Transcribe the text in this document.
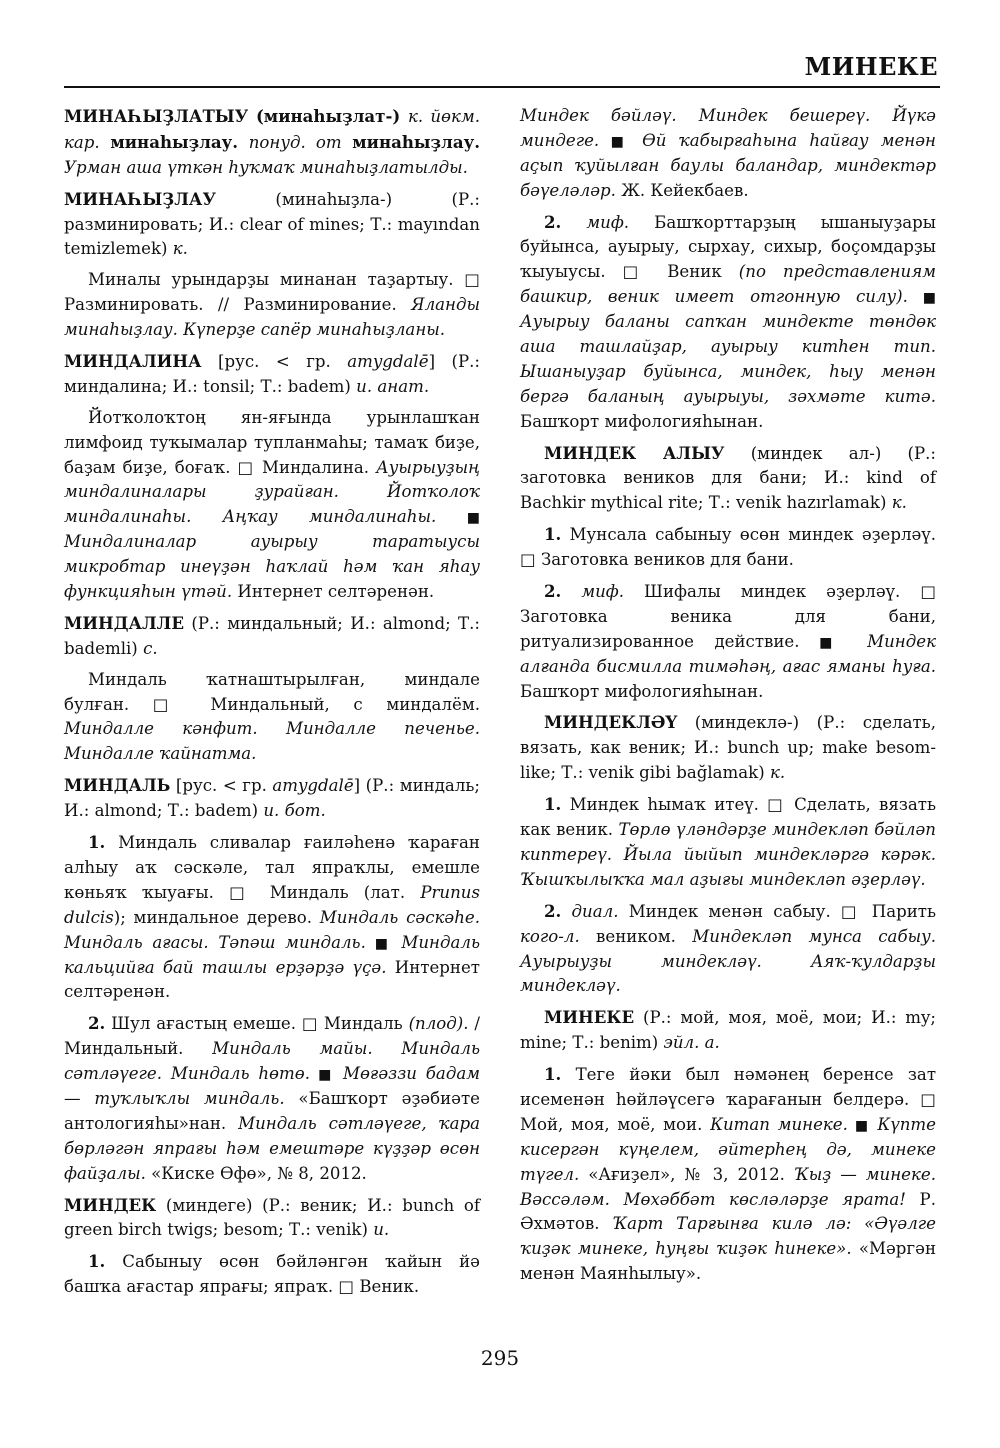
МИНЕКЕ

МИНАҺЫҘЛАТЫУ (минаһыҙлат-) к. йөкм. кар. минаһыҙлау. понуд. от минаһыҙлау. Урман аша үткән һуҡмаҡ минаһыҙлатылды.

МИНАҺЫҘЛАУ (минаһыҙла-) (Р.: разминировать; И.: clear of mines; Т.: mayından temizlemek) к.

Миналы урындарҙы минанан таҙартыу. □ Разминировать. // Разминирование. Яланды минаһыҙлау. Күперҙе сапёр минаһыҙланы.

МИНДАЛИНА [рус. < гр. amygdalē] (Р.: миндалина; И.: tonsil; Т.: badem) и. анат.

Йотҡолоҡтоң ян-яғында урынлашҡан лимфоид туҡымалар тупланмаһы; тамаҡ биҙе, баҙам биҙе, боғаҡ. □ Миндалина. Ауырыуҙың миндалиналары ҙурайған. Йотҡолоҡ миндалинаһы. Аңҡау миндалинаһы. ■ Миндалиналар ауырыу таратыусы микробтар инеүҙән һаҡлай һәм ҡан яһау функцияһын үтәй. Интернет селтәренән.

МИНДАЛЛЕ (Р.: миндальный; И.: almond; Т.: bademli) с.

Миндаль ҡатнаштырылған, миндале булған. □ Миндальный, с миндалём. Миндалле кәнфит. Миндалле печенье. Миндалле ҡайнатма.

МИНДАЛЬ [рус. < гр. amygdalē] (Р.: миндаль; И.: almond; Т.: badem) и. бот.

1. Миндаль сливалар ғаиләһенә ҡараған алһыу аҡ сәскәле, тал япраҡлы, емешле көньяҡ ҡыуағы. □ Миндаль (лат. Prunus dulcis); миндальное дерево. Миндаль сәскәһе. Миндаль ағасы. Тәпәш миндаль. ■ Миндаль кальцийға бай ташлы ерҙәрҙә үҫә. Интернет селтәренән.

2. Шул ағастың емеше. □ Миндаль (плод). / Миндальный. Миндаль майы. Миндаль сәтләүеге. Миндаль һөтө. ■ Мөғәззи бадам — туҡлыҡлы миндаль. «Башҡорт әҙәбиәте антологияһы»нан. Миндаль сәтләүеге, ҡара бөрләгән япрағы һәм емештәре күҙҙәр өсөн файҙалы. «Киске Өфө», № 8, 2012.

МИНДЕК (миндеге) (Р.: веник; И.: bunch of green birch twigs; besom; Т.: venik) и.

1. Сабыныу өсөн бәйләнгән ҡайын йә башҡа ағастар япрағы; япраҡ. □ Веник.

Миндек бәйләү. Миндек бешереү. Йүкә миндеге. ■ Өй ҡабырғаһына һайғау менән аҫып ҡуйылған баулы баландар, миндектәр бәүеләләр. Ж. Кейекбаев.

2. миф. Башҡорттарҙың ышаныуҙары буйынса, ауырыу, сырхау, сихыр, боҫомдарҙы ҡыуыусы. □ Веник (по представлениям башкир, веник имеет отгонную силу). ■ Ауырыу баланы сапҡан миндекте төндөк аша ташлайҙар, ауырыу китһен тип. Ышаныуҙар буйынса, миндек, һыу менән бергә баланың ауырыуы, зәхмәте китә. Башҡорт мифологияһынан.

МИНДЕК АЛЫУ (миндек ал-) (Р.: заготовка веников для бани; И.: kind of Bachkir mythical rite; Т.: venik hazırlamak) к.

1. Мунсала сабыныу өсөн миндек әҙерләү. □ Заготовка веников для бани.

2. миф. Шифалы миндек әҙерләү. □ Заготовка веника для бани, ритуализированное действие. ■ Миндек алғанда бисмилла тимәһәң, ағас яманы һуға. Башҡорт мифологияһынан.

МИНДЕКЛӘҮ (миндеклә-) (Р.: сделать, вязать, как веник; И.: bunch up; make besom-like; Т.: venik gibi bağlamak) к.

1. Миндек һымаҡ итеү. □ Сделать, вязать как веник. Төрлө үләндәрҙе миндекләп бәйләп киптереү. Йыла йыйып миндекләргә кәрәк. Ҡышҡылыҡҡа мал аҙығы миндекләп әҙерләү.

2. диал. Миндек менән сабыу. □ Парить кого-л. веником. Миндекләп мунса сабыу. Ауырыуҙы миндекләү. Аяҡ-ҡулдарҙы миндекләү.

МИНЕКЕ (Р.: мой, моя, моё, мои; И.: my; mine; Т.: benim) эйл. а.

1. Теге йәки был нәмәнең беренсе зат исеменән һөйләүсегә ҡарағанын белдерә. □ Мой, моя, моё, мои. Китап минеке. ■ Күпте кисергән күңелем, әйтерһең дә, минеке түгел. «Ағиҙел», № 3, 2012. Ҡыҙ — минеке. Вәссәләм. Мөхәббәт көсләләрҙе ярата! Р. Әхмәтов. Ҡарт Тарғынға килә лә: «Әүәлге ҡиҙәк минеке, һуңғы ҡиҙәк һинеке». «Мәргән менән Маянһылыу».

295
